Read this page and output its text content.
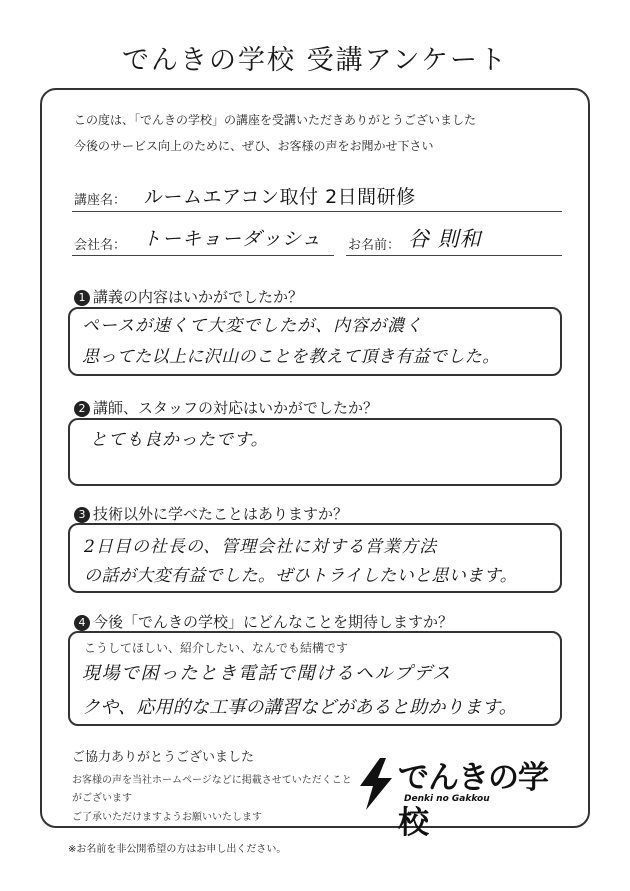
でんきの学校 受講アンケート
この度は、「でんきの学校」の講座を受講いただきありがとうございました
今後のサービス向上のために、ぜひ、お客様の声をお聞かせ下さい
講座名： ルームエアコン取付 2日間研修
会社名： トーキョーダッシュ お名前： 谷 則和
1 講義の内容はいかがでしたか？
ペースが速くて大変でしたが、内容が濃く
思ってた以上に沢山のことを教えて頂き有益でした。
2 講師、スタッフの対応はいかがでしたか？
とても良かったです。
3 技術以外に学べたことはありますか？
2日目の社長の、管理会社に対する営業方法
の話が大変有益でした。ぜひトライしたいと思います。
4 今後「でんきの学校」にどんなことを期待しますか？
こうしてほしい、紹介したい、なんでも結構です
現場で困ったとき電話で聞けるヘルプデス
クや、応用的な工事の講習などがあると助かります。
ご協力ありがとうございました
お客様の声を当社ホームページなどに掲載させていただくこと
がございます
ご了承いただけますようお願いいたします
でんきの学校
Denki no Gakkou
※お名前を非公開希望の方はお申し出ください。
